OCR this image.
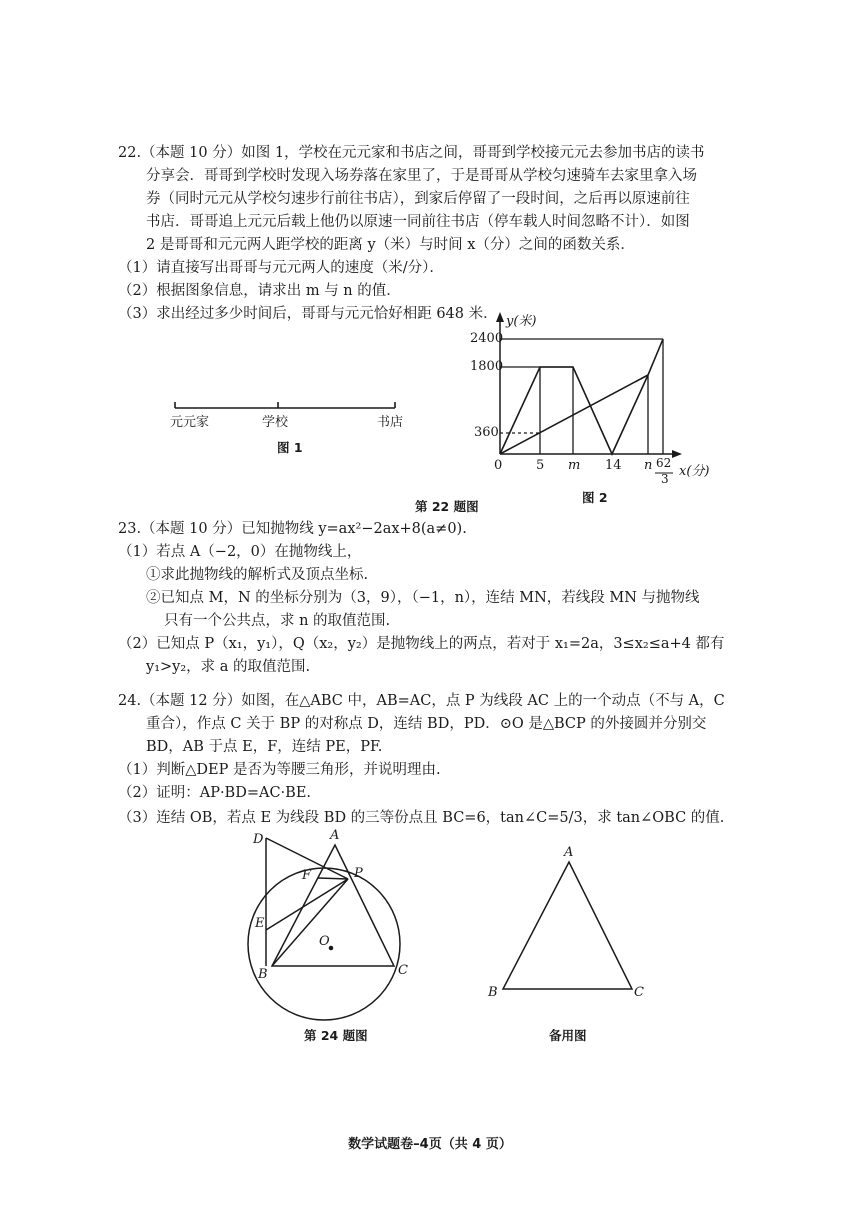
22.（本题 10 分）如图 1，学校在元元家和书店之间，哥哥到学校接元元去参加书店的读书
分享会．哥哥到学校时发现入场券落在家里了，于是哥哥从学校匀速骑车去家里拿入场
券（同时元元从学校匀速步行前往书店），到家后停留了一段时间，之后再以原速前往
书店．哥哥追上元元后载上他仍以原速一同前往书店（停车载人时间忽略不计）．如图
2 是哥哥和元元两人距学校的距离 y（米）与时间 x（分）之间的函数关系．
（1）请直接写出哥哥与元元两人的速度（米/分）．
（2）根据图象信息，请求出 m 与 n 的值．
（3）求出经过多少时间后，哥哥与元元恰好相距 648 米．
元元家	学校	书店
图 1
y(米)
2400
1800
360
0	5 m 14 n 62
3 x(分)
图 2
第 22 题图
23.（本题 10 分）已知抛物线 y=ax²−2ax+8(a≠0).
（1）若点 A（−2，0）在抛物线上，
①求此抛物线的解析式及顶点坐标.
②已知点 M，N 的坐标分别为（3，9），（−1，n），连结 MN，若线段 MN 与抛物线
只有一个公共点，求 n 的取值范围.
（2）已知点 P（x₁，y₁），Q（x₂，y₂）是抛物线上的两点，若对于 x₁=2a，3≤x₂≤a+4 都有
y₁>y₂，求 a 的取值范围.
24.（本题 12 分）如图，在△ABC 中，AB=AC，点 P 为线段 AC 上的一个动点（不与 A，C
重合），作点 C 关于 BP 的对称点 D，连结 BD，PD．⊙O 是△BCP 的外接圆并分别交
BD，AB 于点 E，F，连结 PE，PF.
（1）判断△DEP 是否为等腰三角形，并说明理由.
（2）证明：AP·BD=AC·BE.
（3）连结 OB，若点 E 为线段 BD 的三等份点且 BC=6，tan∠C=5/3，求 tan∠OBC 的值.
D	A
F	P
E
O
B	C
第 24 题图
A
B	C
备用图
数学试题卷–4页（共 4 页）
